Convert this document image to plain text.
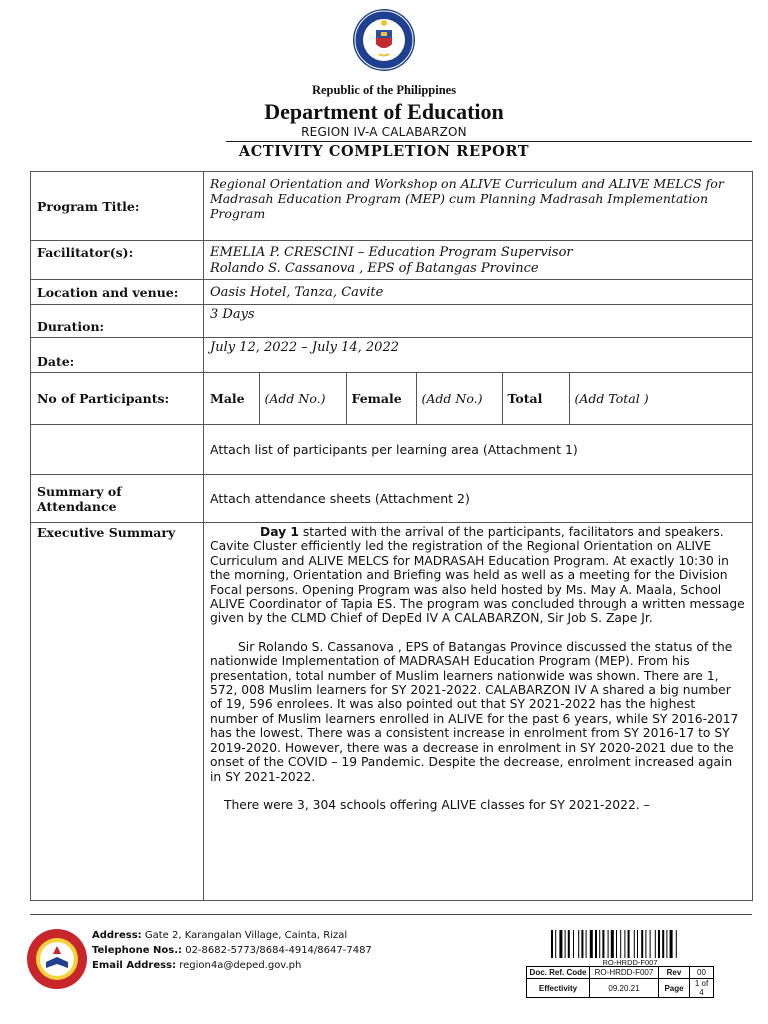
Republic of the Philippines
Department of Education
REGION IV-A CALABARZON
ACTIVITY COMPLETION REPORT
Program Title:	Regional Orientation and Workshop on ALIVE Curriculum and ALIVE MELCS for Madrasah Education Program (MEP) cum Planning Madrasah Implementation Program
Facilitator(s):	EMELIA P. CRESCINI – Education Program Supervisor
Rolando S. Cassanova , EPS of Batangas Province

Location and venue:	Oasis Hotel, Tanza, Cavite
Duration:	3 Days
Date:	July 12, 2022 – July 14, 2022
No of Participants:		Male	(Add No.)	Female	(Add No.)	Total	(Add Total )

	Attach list of participants per learning area (Attachment 1)
Summary of Attendance	Attach attendance sheets (Attachment 2)
Executive Summary	Day 1 started with the arrival of the participants, facilitators and speakers. Cavite Cluster efficiently led the registration of the Regional Orientation on ALIVE Curriculum and ALIVE MELCS for MADRASAH Education Program. At exactly 10:30 in the morning, Orientation and Briefing was held as well as a meeting for the Division Focal persons. Opening Program was also held hosted by Ms. May A. Maala, School ALIVE Coordinator of Tapia ES. The program was concluded through a written message given by the CLMD Chief of DepEd IV A CALABARZON, Sir Job S. Zape Jr.

Sir Rolando S. Cassanova , EPS of Batangas Province discussed the status of the nationwide Implementation of MADRASAH Education Program (MEP). From his presentation, total number of Muslim learners nationwide was shown. There are 1, 572, 008 Muslim learners for SY 2021-2022. CALABARZON IV A shared a big number of 19, 596 enrolees. It was also pointed out that SY 2021-2022 has the highest number of Muslim learners enrolled in ALIVE for the past 6 years, while SY 2016-2017 has the lowest. There was a consistent increase in enrolment from SY 2016-17 to SY 2019-2020. However, there was a decrease in enrolment in SY 2020-2021 due to the onset of the COVID – 19 Pandemic. Despite the decrease, enrolment increased again in SY 2021-2022.

There were 3, 304 schools offering ALIVE classes for SY 2021-2022. –

Address: Gate 2, Karangalan Village, Cainta, Rizal
Telephone Nos.: 02-8682-5773/8684-4914/8647-7487
Email Address: region4a@deped.gov.ph	RO-HRDD-F007
Doc. Ref. Code	RO-HRDD-F007	Rev	00
Effectivity	09.20.21	Page	1 of 4
